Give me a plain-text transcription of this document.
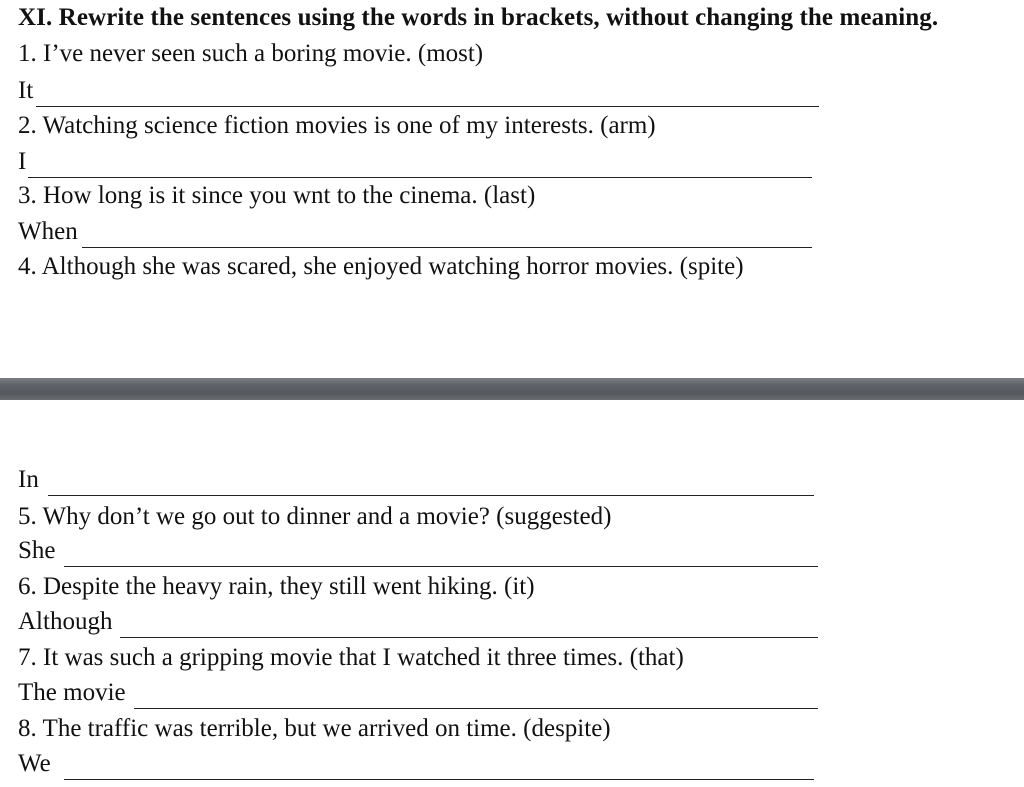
XI. Rewrite the sentences using the words in brackets, without changing the meaning.
1. I’ve never seen such a boring movie. (most)
It
2. Watching science fiction movies is one of my interests. (arm)
I
3. How long is it since you wnt to the cinema. (last)
When
4. Although she was scared, she enjoyed watching horror movies. (spite)
In
5. Why don’t we go out to dinner and a movie? (suggested)
She
6. Despite the heavy rain, they still went hiking. (it)
Although
7. It was such a gripping movie that I watched it three times. (that)
The movie
8. The traffic was terrible, but we arrived on time. (despite)
We
